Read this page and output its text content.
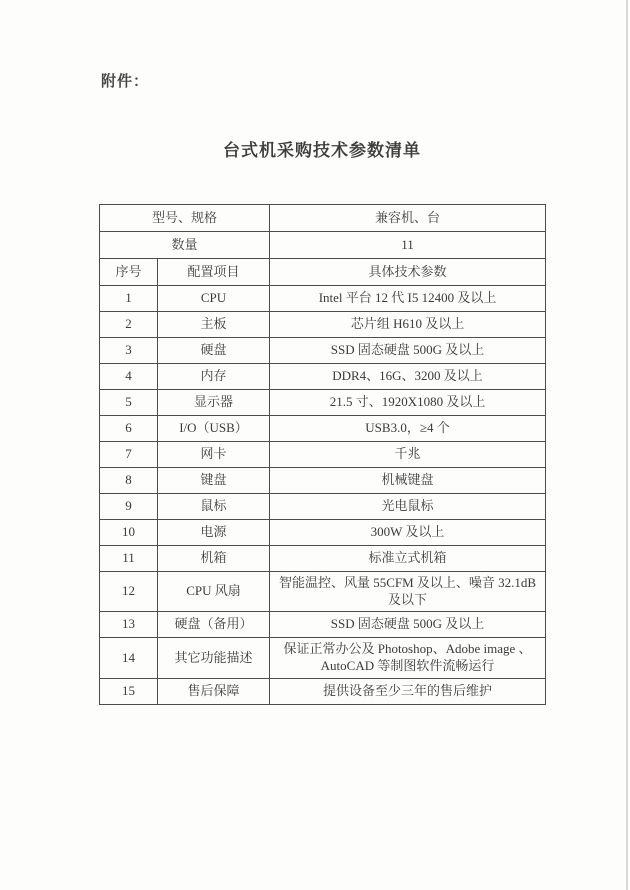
附件：
台式机采购技术参数清单
型号、规格		兼容机、台
数量		11
序号	配置项目	具体技术参数
1	CPU	Intel 平台 12 代 I5 12400 及以上
2	主板	芯片组 H610 及以上
3	硬盘	SSD 固态硬盘 500G 及以上
4	内存	DDR4、16G、3200 及以上
5	显示器	21.5 寸、1920X1080 及以上
6	I/O（USB）	USB3.0，≥4 个
7	网卡	千兆
8	键盘	机械键盘
9	鼠标	光电鼠标
10	电源	300W 及以上
11	机箱	标准立式机箱
12	CPU 风扇	智能温控、风量 55CFM 及以上、噪音 32.1dB 及以下
13	硬盘（备用）	SSD 固态硬盘 500G 及以上
14	其它功能描述	保证正常办公及 Photoshop、Adobe image 、AutoCAD 等制图软件流畅运行
15	售后保障	提供设备至少三年的售后维护
